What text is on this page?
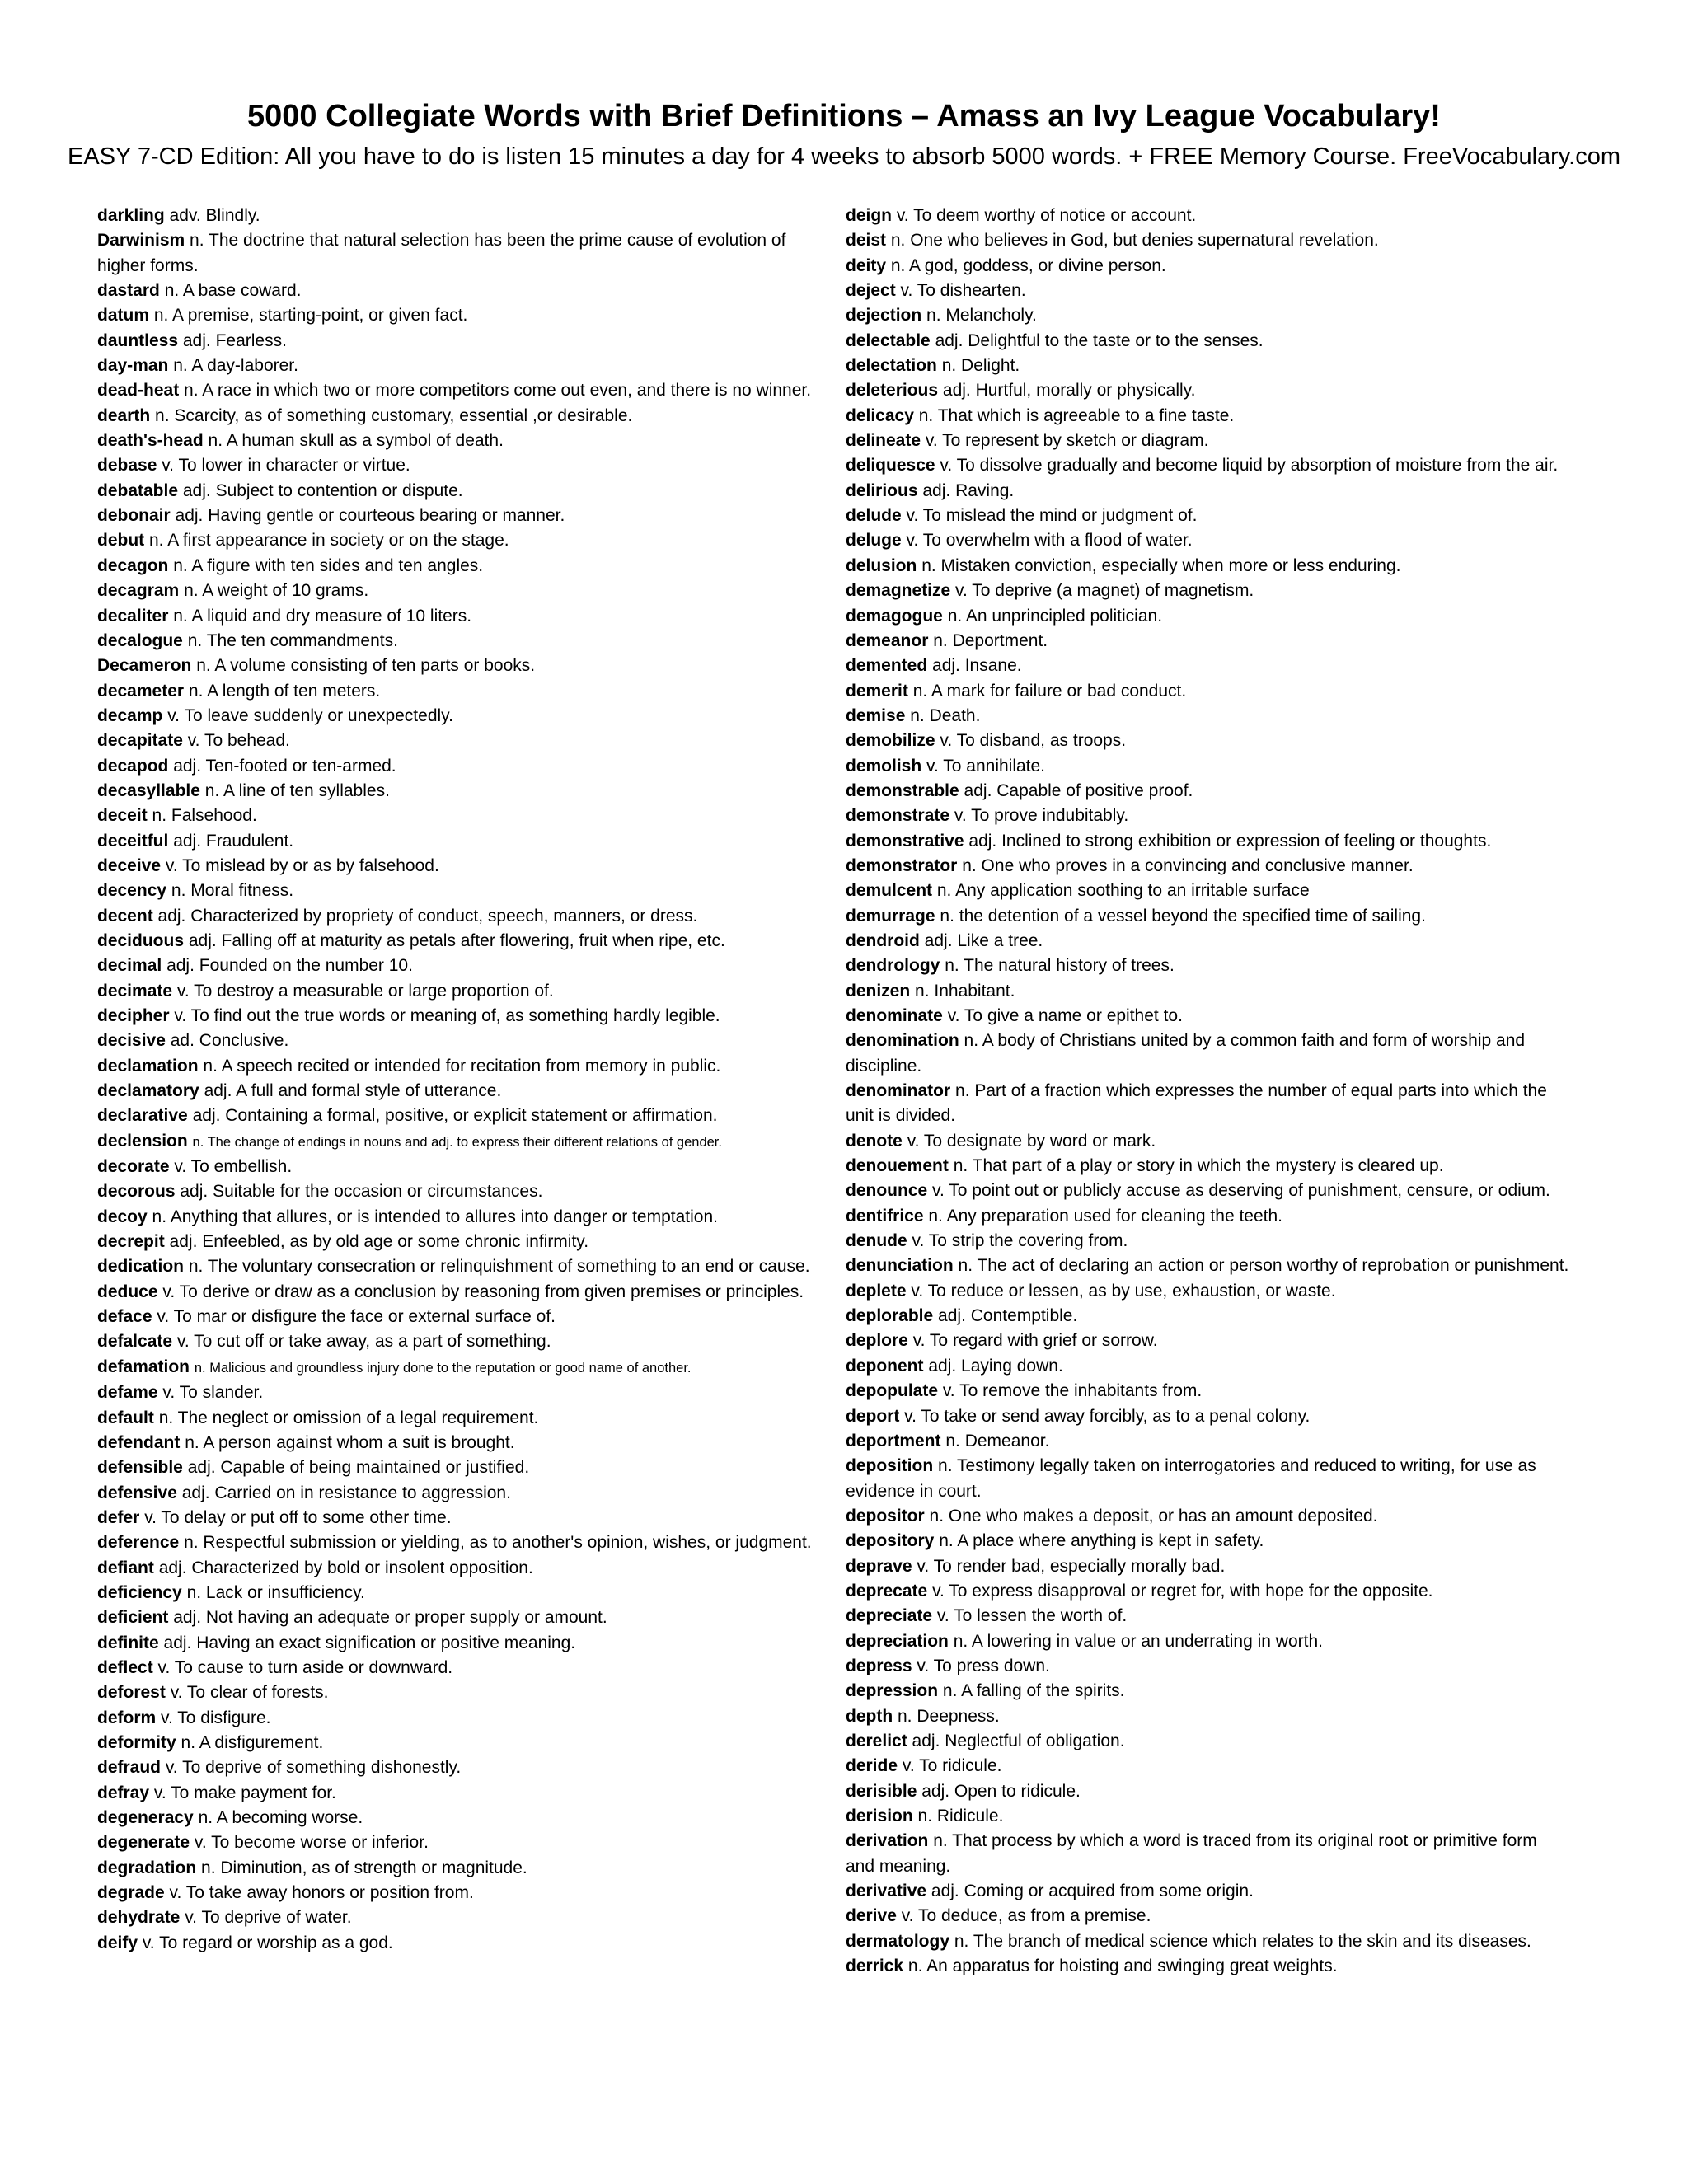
5000 Collegiate Words with Brief Definitions – Amass an Ivy League Vocabulary!
EASY 7-CD Edition: All you have to do is listen 15 minutes a day for 4 weeks to absorb 5000 words. + FREE Memory Course. FreeVocabulary.com

darkling adv. Blindly.

Darwinism n. The doctrine that natural selection has been the prime cause of evolution of higher forms.

dastard n. A base coward.

datum n. A premise, starting-point, or given fact.

dauntless adj. Fearless.

day-man n. A day-laborer.

dead-heat n. A race in which two or more competitors come out even, and there is no winner.

dearth n. Scarcity, as of something customary, essential ,or desirable.

death's-head n. A human skull as a symbol of death.

debase v. To lower in character or virtue.

debatable adj. Subject to contention or dispute.

debonair adj. Having gentle or courteous bearing or manner.

debut n. A first appearance in society or on the stage.

decagon n. A figure with ten sides and ten angles.

decagram n. A weight of 10 grams.

decaliter n. A liquid and dry measure of 10 liters.

decalogue n. The ten commandments.

Decameron n. A volume consisting of ten parts or books.

decameter n. A length of ten meters.

decamp v. To leave suddenly or unexpectedly.

decapitate v. To behead.

decapod adj. Ten-footed or ten-armed.

decasyllable n. A line of ten syllables.

deceit n. Falsehood.

deceitful adj. Fraudulent.

deceive v. To mislead by or as by falsehood.

decency n. Moral fitness.

decent adj. Characterized by propriety of conduct, speech, manners, or dress.

deciduous adj. Falling off at maturity as petals after flowering, fruit when ripe, etc.

decimal adj. Founded on the number 10.

decimate v. To destroy a measurable or large proportion of.

decipher v. To find out the true words or meaning of, as something hardly legible.

decisive ad. Conclusive.

declamation n. A speech recited or intended for recitation from memory in public.

declamatory adj. A full and formal style of utterance.

declarative adj. Containing a formal, positive, or explicit statement or affirmation.

declension n. The change of endings in nouns and adj. to express their different relations of gender.

decorate v. To embellish.

decorous adj. Suitable for the occasion or circumstances.

decoy n. Anything that allures, or is intended to allures into danger or temptation.

decrepit adj. Enfeebled, as by old age or some chronic infirmity.

dedication n. The voluntary consecration or relinquishment of something to an end or cause.

deduce v. To derive or draw as a conclusion by reasoning from given premises or principles.

deface v. To mar or disfigure the face or external surface of.

defalcate v. To cut off or take away, as a part of something.

defamation n. Malicious and groundless injury done to the reputation or good name of another.

defame v. To slander.

default n. The neglect or omission of a legal requirement.

defendant n. A person against whom a suit is brought.

defensible adj. Capable of being maintained or justified.

defensive adj. Carried on in resistance to aggression.

defer v. To delay or put off to some other time.

deference n. Respectful submission or yielding, as to another's opinion, wishes, or judgment.

defiant adj. Characterized by bold or insolent opposition.

deficiency n. Lack or insufficiency.

deficient adj. Not having an adequate or proper supply or amount.

definite adj. Having an exact signification or positive meaning.

deflect v. To cause to turn aside or downward.

deforest v. To clear of forests.

deform v. To disfigure.

deformity n. A disfigurement.

defraud v. To deprive of something dishonestly.

defray v. To make payment for.

degeneracy n. A becoming worse.

degenerate v. To become worse or inferior.

degradation n. Diminution, as of strength or magnitude.

degrade v. To take away honors or position from.

dehydrate v. To deprive of water.

deify v. To regard or worship as a god.

deign v. To deem worthy of notice or account.

deist n. One who believes in God, but denies supernatural revelation.

deity n. A god, goddess, or divine person.

deject v. To dishearten.

dejection n. Melancholy.

delectable adj. Delightful to the taste or to the senses.

delectation n. Delight.

deleterious adj. Hurtful, morally or physically.

delicacy n. That which is agreeable to a fine taste.

delineate v. To represent by sketch or diagram.

deliquesce v. To dissolve gradually and become liquid by absorption of moisture from the air.

delirious adj. Raving.

delude v. To mislead the mind or judgment of.

deluge v. To overwhelm with a flood of water.

delusion n. Mistaken conviction, especially when more or less enduring.

demagnetize v. To deprive (a magnet) of magnetism.

demagogue n. An unprincipled politician.

demeanor n. Deportment.

demented adj. Insane.

demerit n. A mark for failure or bad conduct.

demise n. Death.

demobilize v. To disband, as troops.

demolish v. To annihilate.

demonstrable adj. Capable of positive proof.

demonstrate v. To prove indubitably.

demonstrative adj. Inclined to strong exhibition or expression of feeling or thoughts.

demonstrator n. One who proves in a convincing and conclusive manner.

demulcent n. Any application soothing to an irritable surface

demurrage n. the detention of a vessel beyond the specified time of sailing.

dendroid adj. Like a tree.

dendrology n. The natural history of trees.

denizen n. Inhabitant.

denominate v. To give a name or epithet to.

denomination n. A body of Christians united by a common faith and form of worship and discipline.

denominator n. Part of a fraction which expresses the number of equal parts into which the unit is divided.

denote v. To designate by word or mark.

denouement n. That part of a play or story in which the mystery is cleared up.

denounce v. To point out or publicly accuse as deserving of punishment, censure, or odium.

dentifrice n. Any preparation used for cleaning the teeth.

denude v. To strip the covering from.

denunciation n. The act of declaring an action or person worthy of reprobation or punishment.

deplete v. To reduce or lessen, as by use, exhaustion, or waste.

deplorable adj. Contemptible.

deplore v. To regard with grief or sorrow.

deponent adj. Laying down.

depopulate v. To remove the inhabitants from.

deport v. To take or send away forcibly, as to a penal colony.

deportment n. Demeanor.

deposition n. Testimony legally taken on interrogatories and reduced to writing, for use as evidence in court.

depositor n. One who makes a deposit, or has an amount deposited.

depository n. A place where anything is kept in safety.

deprave v. To render bad, especially morally bad.

deprecate v. To express disapproval or regret for, with hope for the opposite.

depreciate v. To lessen the worth of.

depreciation n. A lowering in value or an underrating in worth.

depress v. To press down.

depression n. A falling of the spirits.

depth n. Deepness.

derelict adj. Neglectful of obligation.

deride v. To ridicule.

derisible adj. Open to ridicule.

derision n. Ridicule.

derivation n. That process by which a word is traced from its original root or primitive form and meaning.

derivative adj. Coming or acquired from some origin.

derive v. To deduce, as from a premise.

dermatology n. The branch of medical science which relates to the skin and its diseases.

derrick n. An apparatus for hoisting and swinging great weights.
